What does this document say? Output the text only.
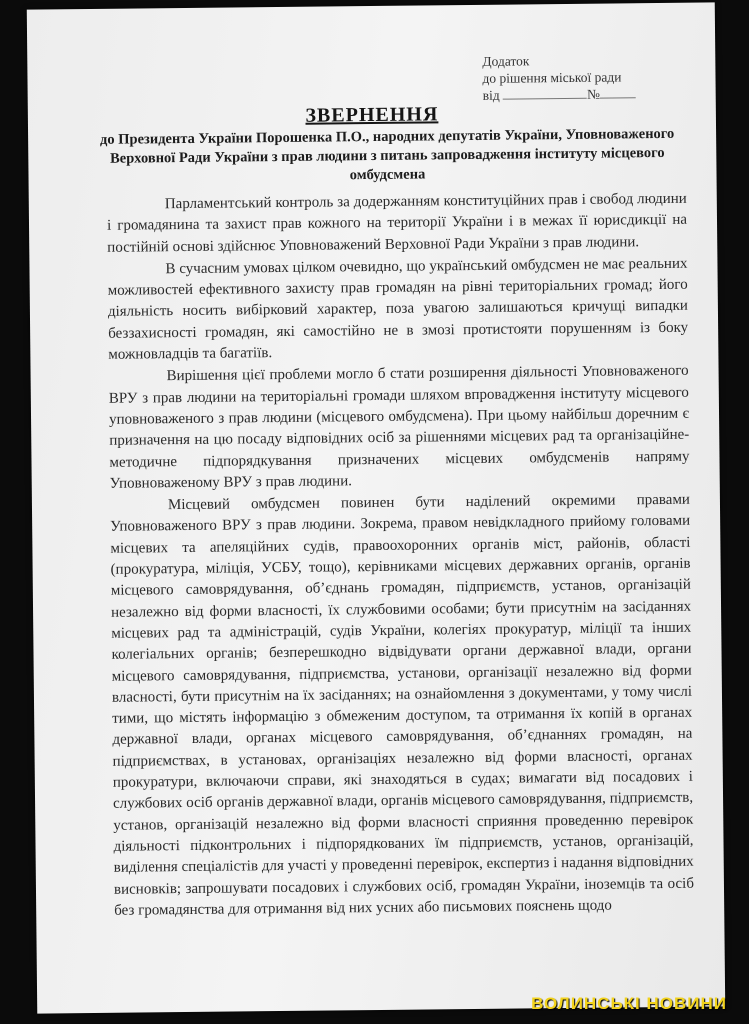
Додаток
до рішення міської ради
від	№
ЗВЕРНЕННЯ
до Президента України Порошенка П.О., народних депутатів України, Уповноваженого Верховної Ради України з прав людини з питань запровадження інституту місцевого омбудсмена

Парламентський контроль за додержанням конституційних прав і свобод людини і громадянина та захист прав кожного на території України і в межах її юрисдикції на постійній основі здійснює Уповноважений Верховної Ради України з прав людини.

В сучасним умовах цілком очевидно, що український омбудсмен не має реальних можливостей ефективного захисту прав громадян на рівні територіальних громад; його діяльність носить вибірковий характер, поза увагою залишаються кричущі випадки беззахисності громадян, які самостійно не в змозі протистояти порушенням із боку можновладців та багатіїв.

Вирішення цієї проблеми могло б стати розширення діяльності Уповноваженого ВРУ з прав людини на територіальні громади шляхом впровадження інституту місцевого уповноваженого з прав людини (місцевого омбудсмена). При цьому найбільш доречним є призначення на цю посаду відповідних осіб за рішеннями місцевих рад та організаційне-методичне підпорядкування призначених місцевих омбудсменів напряму Уповноваженому ВРУ з прав людини.

Місцевий омбудсмен повинен бути наділений окремими правами Уповноваженого ВРУ з прав людини. Зокрема, правом невідкладного прийому головами місцевих та апеляційних судів, правоохоронних органів міст, районів, області (прокуратура, міліція, УСБУ, тощо), керівниками місцевих державних органів, органів місцевого самоврядування, об’єднань громадян, підприємств, установ, організацій незалежно від форми власності, їх службовими особами; бути присутнім на засіданнях місцевих рад та адміністрацій, судів України, колегіях прокуратур, міліції та інших колегіальних органів; безперешкодно відвідувати органи державної влади, органи місцевого самоврядування, підприємства, установи, організації незалежно від форми власності, бути присутнім на їх засіданнях; на ознайомлення з документами, у тому числі тими, що містять інформацію з обмеженим доступом, та отримання їх копій в органах державної влади, органах місцевого самоврядування, об’єднаннях громадян, на підприємствах, в установах, організаціях незалежно від форми власності, органах прокуратури, включаючи справи, які знаходяться в судах; вимагати від посадових і службових осіб органів державної влади, органів місцевого самоврядування, підприємств, установ, організацій незалежно від форми власності сприяння проведенню перевірок діяльності підконтрольних і підпорядкованих їм підприємств, установ, організацій, виділення спеціалістів для участі у проведенні перевірок, експертиз і надання відповідних висновків; запрошувати посадових і службових осіб, громадян України, іноземців та осіб без громадянства для отримання від них усних або письмових пояснень щодо

ВОЛИНСЬКІ НОВИНИ
